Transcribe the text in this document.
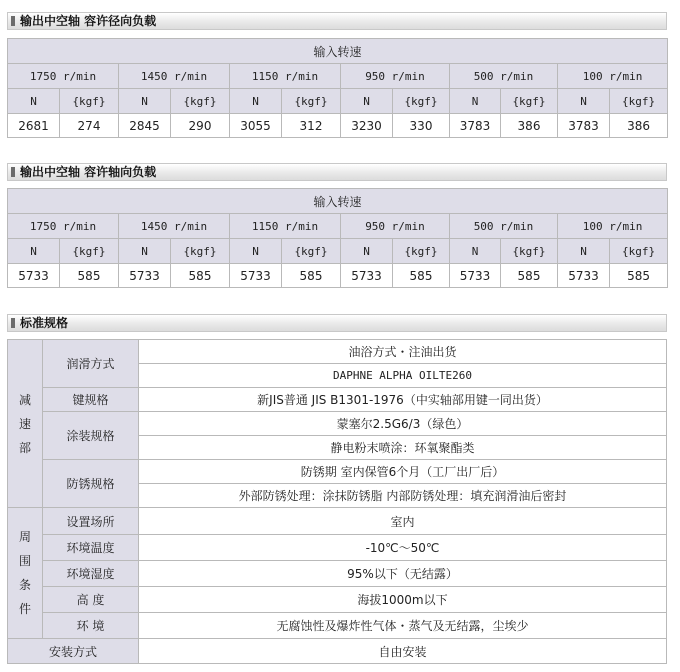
输出中空轴 容许径向负载
输入转速											
1750 r/min		1450 r/min		1150 r/min		950 r/min		500 r/min		100 r/min	
N	{kgf}	N	{kgf}	N	{kgf}	N	{kgf}	N	{kgf}	N	{kgf}
2681	274	2845	290	3055	312	3230	330	3783	386	3783	386
输出中空轴 容许轴向负载
输入转速											
1750 r/min		1450 r/min		1150 r/min		950 r/min		500 r/min		100 r/min	
N	{kgf}	N	{kgf}	N	{kgf}	N	{kgf}	N	{kgf}	N	{kgf}
5733	585	5733	585	5733	585	5733	585	5733	585	5733	585
标准规格
减
速
部	润滑方式	油浴方式・注油出货
		DAPHNE ALPHA OILTE260
	键规格	新JIS普通 JIS B1301-1976（中实轴部用键一同出货）
	涂装规格	蒙塞尔2.5G6/3（绿色）
		静电粉末喷涂：环氧聚酯类
	防锈规格	防锈期 室内保管6个月（工厂出厂后）
		外部防锈处理：涂抹防锈脂 内部防锈处理：填充润滑油后密封

周
围
条
件	设置场所	室内
	环境温度	-10℃～50℃
	环境湿度	95%以下（无结露）
	高 度	海拔1000m以下
	环 境	无腐蚀性及爆炸性气体・蒸气及无结露，尘埃少
安装方式		自由安装
